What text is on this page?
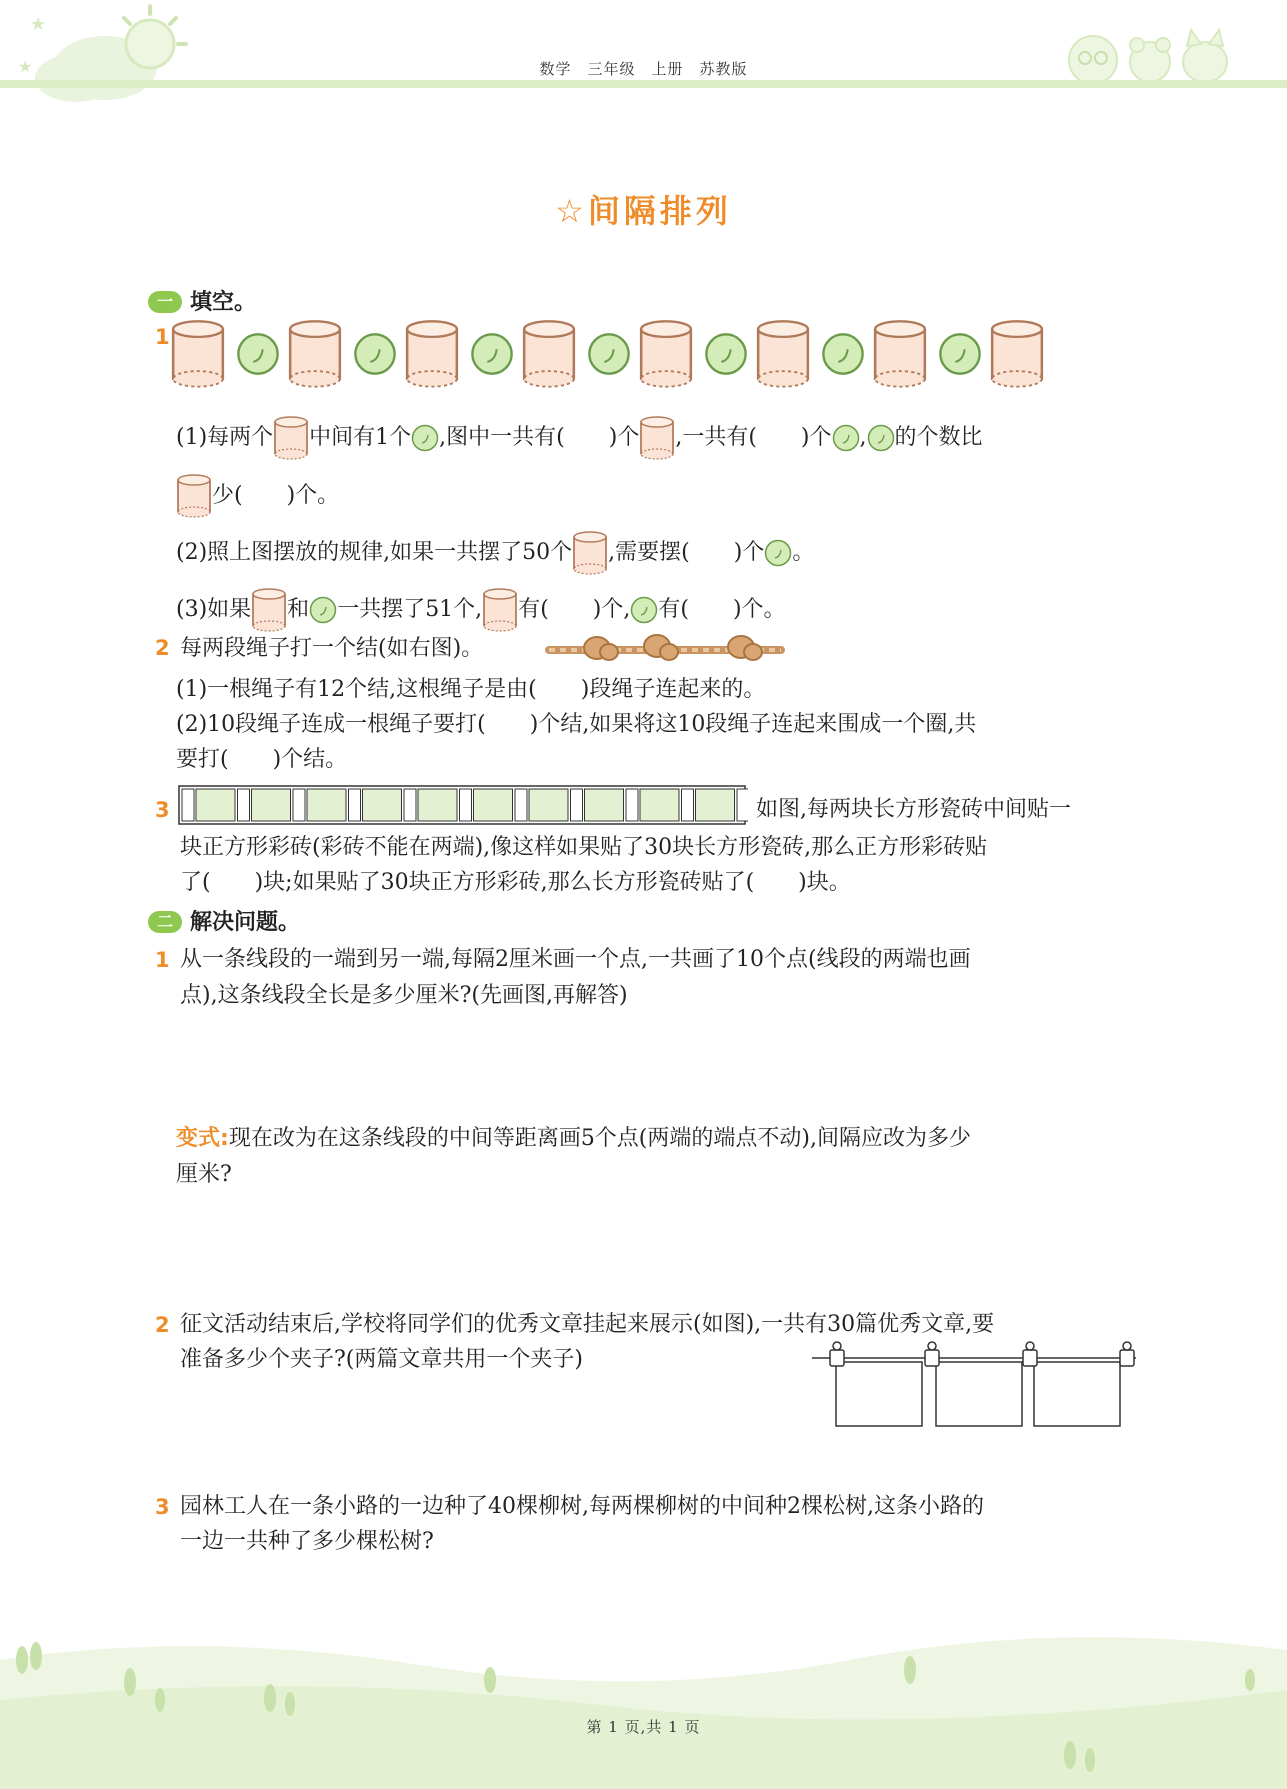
★
★	数学　三年级　上册　苏教版
☆间隔排列
一 填空。
1
(1)每两个 中间有1个 ,图中一共有(　　)个 ,一共有(　　)个 , 的个数比
少(　　)个。
(2)照上图摆放的规律,如果一共摆了50个 ,需要摆(　　)个 。
(3)如果 和 一共摆了51个, 有(　　)个, 有(　　)个。
2 每两段绳子打一个结(如右图)。
(1)一根绳子有12个结,这根绳子是由(　　)段绳子连起来的。
(2)10段绳子连成一根绳子要打(　　)个结,如果将这10段绳子连起来围成一个圈,共
要打(　　)个结。
3	如图,每两块长方形瓷砖中间贴一
块正方形彩砖(彩砖不能在两端),像这样如果贴了30块长方形瓷砖,那么正方形彩砖贴
了(　　)块;如果贴了30块正方形彩砖,那么长方形瓷砖贴了(　　)块。
二 解决问题。
1 从一条线段的一端到另一端,每隔2厘米画一个点,一共画了10个点(线段的两端也画
点),这条线段全长是多少厘米?(先画图,再解答)
变式:现在改为在这条线段的中间等距离画5个点(两端的端点不动),间隔应改为多少
厘米?
2 征文活动结束后,学校将同学们的优秀文章挂起来展示(如图),一共有30篇优秀文章,要
准备多少个夹子?(两篇文章共用一个夹子)
3 园林工人在一条小路的一边种了40棵柳树,每两棵柳树的中间种2棵松树,这条小路的
一边一共种了多少棵松树?
第 1 页,共 1 页
